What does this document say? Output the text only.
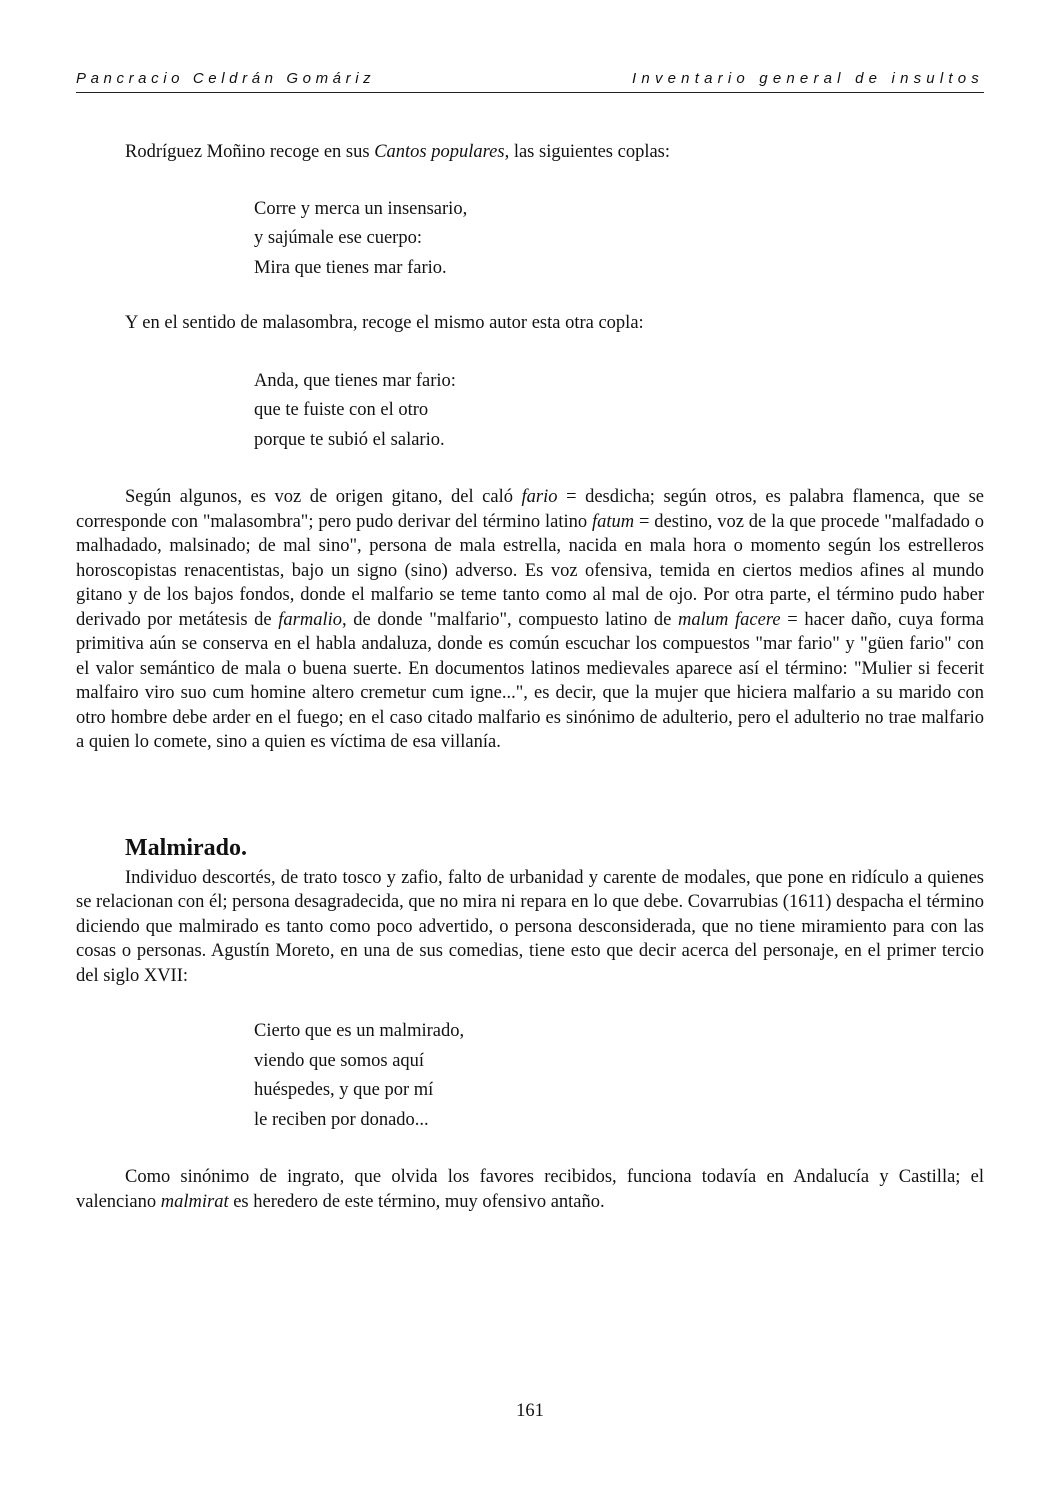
Pancracio Celdrán Gomáriz	Inventario general de insultos

Rodríguez Moñino recoge en sus Cantos populares, las siguientes coplas:

Corre y merca un insensario,
y sajúmale ese cuerpo:
Mira que tienes mar fario.

Y en el sentido de malasombra, recoge el mismo autor esta otra copla:

Anda, que tienes mar fario:
que te fuiste con el otro
porque te subió el salario.

Según algunos, es voz de origen gitano, del caló fario = desdicha; según otros, es palabra flamenca, que se corresponde con "malasombra"; pero pudo derivar del término latino fatum = destino, voz de la que procede "malfadado o malhadado, malsinado; de mal sino", persona de mala estrella, nacida en mala hora o momento según los estrelleros horoscopistas renacentistas, bajo un signo (sino) adverso. Es voz ofensiva, temida en ciertos medios afines al mundo gitano y de los bajos fondos, donde el malfario se teme tanto como al mal de ojo. Por otra parte, el término pudo haber derivado por metátesis de farmalio, de donde "malfario", compuesto latino de malum facere = hacer daño, cuya forma primitiva aún se conserva en el habla andaluza, donde es común escuchar los compuestos "mar fario" y "güen fario" con el valor semántico de mala o buena suerte. En documentos latinos medievales aparece así el término: "Mulier si fecerit malfairo viro suo cum homine altero cremetur cum igne...", es decir, que la mujer que hiciera malfario a su marido con otro hombre debe arder en el fuego; en el caso citado malfario es sinónimo de adulterio, pero el adulterio no trae malfario a quien lo comete, sino a quien es víctima de esa villanía.

Malmirado.

Individuo descortés, de trato tosco y zafio, falto de urbanidad y carente de modales, que pone en ridículo a quienes se relacionan con él; persona desagradecida, que no mira ni repara en lo que debe. Covarrubias (1611) despacha el término diciendo que malmirado es tanto como poco advertido, o persona desconsiderada, que no tiene miramiento para con las cosas o personas. Agustín Moreto, en una de sus comedias, tiene esto que decir acerca del personaje, en el primer tercio del siglo XVII:

Cierto que es un malmirado,
viendo que somos aquí
huéspedes, y que por mí
le reciben por donado...

Como sinónimo de ingrato, que olvida los favores recibidos, funciona todavía en Andalucía y Castilla; el valenciano malmirat es heredero de este término, muy ofensivo antaño.

161
